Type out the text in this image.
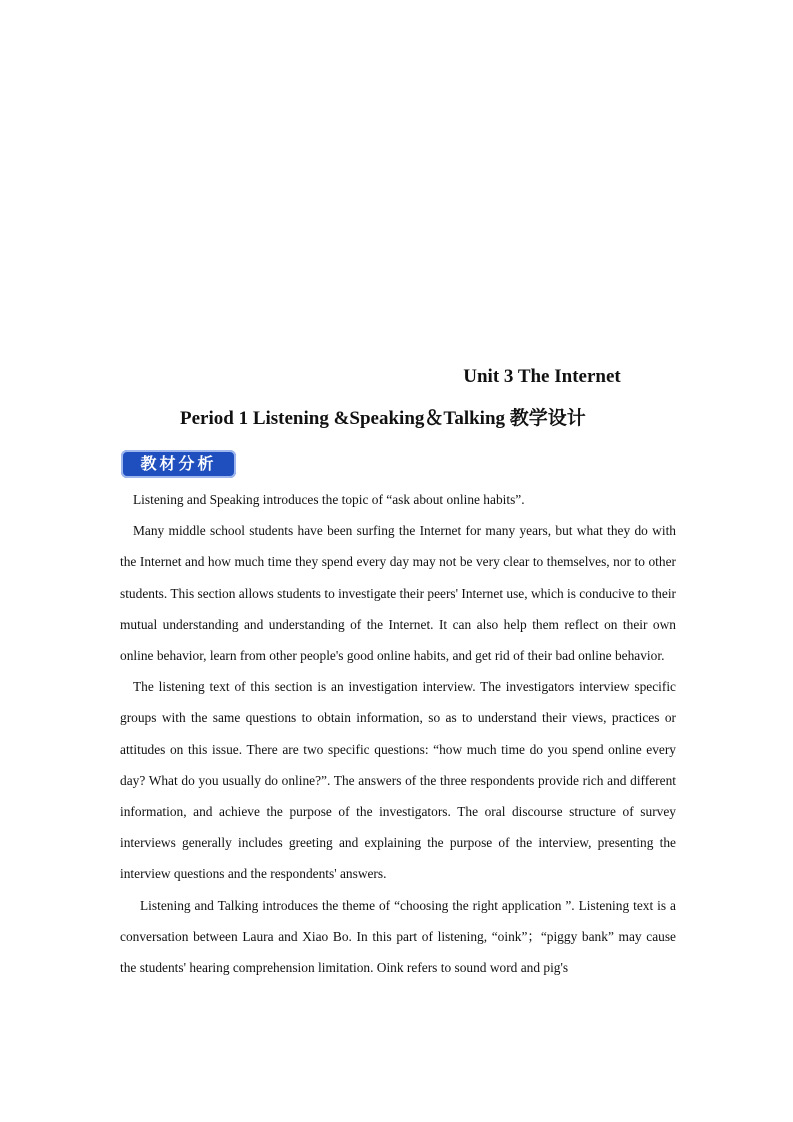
Unit 3 The Internet
Period 1 Listening &Speaking＆Talking 教学设计
教材分析

Listening and Speaking introduces the topic of “ask about online habits”.

Many middle school students have been surfing the Internet for many years, but what they do with the Internet and how much time they spend every day may not be very clear to themselves, nor to other students. This section allows students to investigate their peers' Internet use, which is conducive to their mutual understanding and understanding of the Internet. It can also help them reflect on their own online behavior, learn from other people's good online habits, and get rid of their bad online behavior.

The listening text of this section is an investigation interview. The investigators interview specific groups with the same questions to obtain information, so as to understand their views, practices or attitudes on this issue. There are two specific questions: “how much time do you spend online every day? What do you usually do online?”. The answers of the three respondents provide rich and different information, and achieve the purpose of the investigators. The oral discourse structure of survey interviews generally includes greeting and explaining the purpose of the interview, presenting the interview questions and the respondents' answers.

Listening and Talking introduces the theme of “choosing the right application ”. Listening text is a conversation between Laura and Xiao Bo. In this part of listening, “oink”；“piggy bank” may cause the students' hearing comprehension limitation. Oink refers to sound word and pig's
